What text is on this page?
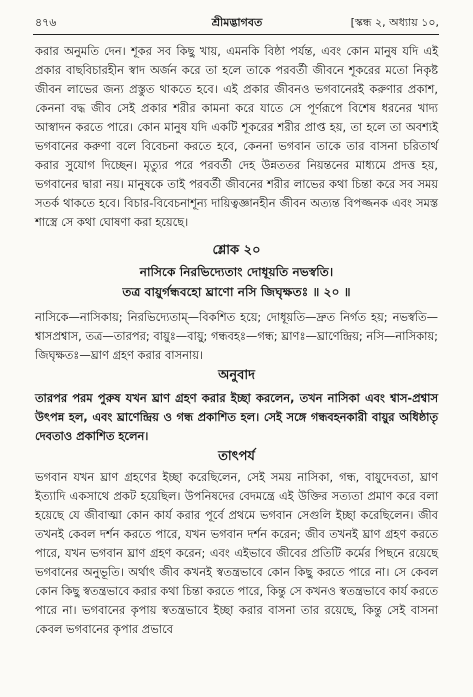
৪৭৬	শ্রীমদ্ভাগবত	[স্কন্ধ ২, অধ্যায় ১০,

করার অনুমতি দেন। শূকর সব কিছু খায়, এমনকি বিষ্ঠা পর্যন্ত, এবং কোন মানুষ যদি এই প্রকার বাছবিচারহীন স্বাদ অর্জন করে তা হলে তাকে পরবর্তী জীবনে শূকরের মতো নিকৃষ্ট জীবন লাভের জন্য প্রস্তুত থাকতে হবে। এই প্রকার জীবনও ভগবানেরই করুণার প্রকাশ, কেননা বদ্ধ জীব সেই প্রকার শরীর কামনা করে যাতে সে পূর্ণরূপে বিশেষ ধরনের খাদ্য আস্বাদন করতে পারে। কোন মানুষ যদি একটি শূকরের শরীর প্রাপ্ত হয়, তা হলে তা অবশ্যই ভগবানের করুণা বলে বিবেচনা করতে হবে, কেননা ভগবান তাকে তার বাসনা চরিতার্থ করার সুযোগ দিচ্ছেন। মৃত্যুর পরে পরবর্তী দেহ উন্নততর নিয়ন্তনের মাধ্যমে প্রদত্ত হয়, ভগবানের দ্বারা নয়। মানুষকে তাই পরবর্তী জীবনের শরীর লাভের কথা চিন্তা করে সব সময় সতর্ক থাকতে হবে। বিচার-বিবেচনাশূন্য দায়িত্বজ্ঞানহীন জীবন অত্যন্ত বিপজ্জনক এবং সমস্ত শাস্ত্রে সে কথা ঘোষণা করা হয়েছে।

শ্লোক ২০

নাসিকে নিরভিদ্যেতাং দোধূয়তি নভস্বতি।

তত্র বায়ুর্গন্ধবহো ঘ্রাণো নসি জিঘৃক্ষতঃ ॥ ২০ ॥

নাসিকে—নাসিকায়; নিরভিদ্যেতাম্—বিকশিত হয়ে; দোধূয়তি—দ্রুত নির্গত হয়; নভস্বতি—শ্বাসপ্রশ্বাস, তত্র—তারপর; বায়ুঃ—বায়ু; গন্ধবহঃ—গন্ধ; ঘ্রাণঃ—ঘ্রাণেন্দ্রিয়; নসি—নাসিকায়; জিঘৃক্ষতঃ—ঘ্রাণ গ্রহণ করার বাসনায়।

অনুবাদ

তারপর পরম পুরুষ যখন ঘ্রাণ গ্রহণ করার ইচ্ছা করলেন, তখন নাসিকা এবং শ্বাস-প্রশ্বাস উৎপন্ন হল, এবং ঘ্রাণেন্দ্রিয় ও গন্ধ প্রকাশিত হল। সেই সঙ্গে গন্ধবহনকারী বায়ুর অধিষ্ঠাতৃ দেবতাও প্রকাশিত হলেন।

তাৎপর্য

ভগবান যখন ঘ্রাণ গ্রহণের ইচ্ছা করেছিলেন, সেই সময় নাসিকা, গন্ধ, বায়ুদেবতা, ঘ্রাণ ইত্যাদি একসাথে প্রকট হয়েছিল। উপনিষদের বেদমন্ত্রে এই উক্তির সত্যতা প্রমাণ করে বলা হয়েছে যে জীবাত্মা কোন কার্য করার পূর্বে প্রথমে ভগবান সেগুলি ইচ্ছা করেছিলেন। জীব তখনই কেবল দর্শন করতে পারে, যখন ভগবান দর্শন করেন; জীব তখনই ঘ্রাণ গ্রহণ করতে পারে, যখন ভগবান ঘ্রাণ গ্রহণ করেন; এবং এইভাবে জীবের প্রতিটি কর্মের পিছনে রয়েছে ভগবানের অনুভূতি। অর্থাৎ জীব কখনই স্বতন্ত্রভাবে কোন কিছু করতে পারে না। সে কেবল কোন কিছু স্বতন্ত্রভাবে করার কথা চিন্তা করতে পারে, কিন্তু সে কখনও স্বতন্ত্রভাবে কার্য করতে পারে না। ভগবানের কৃপায় স্বতন্ত্রভাবে ইচ্ছা করার বাসনা তার রয়েছে, কিন্তু সেই বাসনা কেবল ভগবানের কৃপার প্রভাবে
